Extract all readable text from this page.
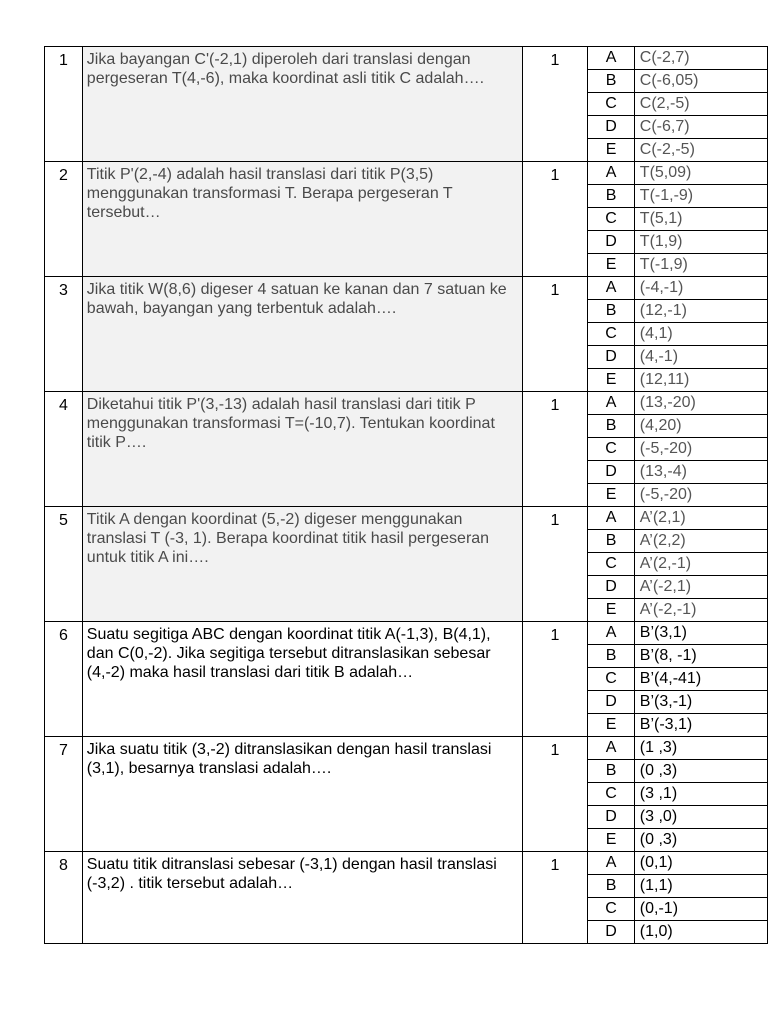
1	Jika bayangan C'(-2,1) diperoleh dari translasi dengan pergeseran T(4,-6), maka koordinat asli titik C adalah….	1	A	C(-2,7)
			B	C(-6,05)
			C	C(2,-5)
			D	C(-6,7)
			E	C(-2,-5)
2	Titik P'(2,-4) adalah hasil translasi dari titik P(3,5) menggunakan transformasi T. Berapa pergeseran T tersebut…	1	A	T(5,09)
			B	T(-1,-9)
			C	T(5,1)
			D	T(1,9)
			E	T(-1,9)
3	Jika titik W(8,6) digeser 4 satuan ke kanan dan 7 satuan ke bawah, bayangan yang terbentuk adalah….	1	A	(-4,-1)
			B	(12,-1)
			C	(4,1)
			D	(4,-1)
			E	(12,11)
4	Diketahui titik P'(3,-13) adalah hasil translasi dari titik P menggunakan transformasi T=(-10,7). Tentukan koordinat titik P….	1	A	(13,-20)
			B	(4,20)
			C	(-5,-20)
			D	(13,-4)
			E	(-5,-20)
5	Titik A dengan koordinat (5,-2) digeser menggunakan translasi T (-3, 1). Berapa koordinat titik hasil pergeseran untuk titik A ini….	1	A	A’(2,1)
			B	A’(2,2)
			C	A’(2,-1)
			D	A’(-2,1)
			E	A’(-2,-1)
6	Suatu segitiga ABC dengan koordinat titik A(-1,3), B(4,1), dan C(0,-2). Jika segitiga tersebut ditranslasikan sebesar (4,-2) maka hasil translasi dari titik B adalah…	1	A	B’(3,1)
			B	B’(8, -1)
			C	B’(4,-41)
			D	B’(3,-1)
			E	B’(-3,1)
7	Jika suatu titik (3,-2) ditranslasikan dengan hasil translasi (3,1), besarnya translasi adalah….	1	A	(1 ,3)
			B	(0 ,3)
			C	(3 ,1)
			D	(3 ,0)
			E	(0 ,3)
8	Suatu titik ditranslasi sebesar (-3,1) dengan hasil translasi (-3,2) . titik tersebut adalah…	1	A	(0,1)
			B	(1,1)
			C	(0,-1)
			D	(1,0)
